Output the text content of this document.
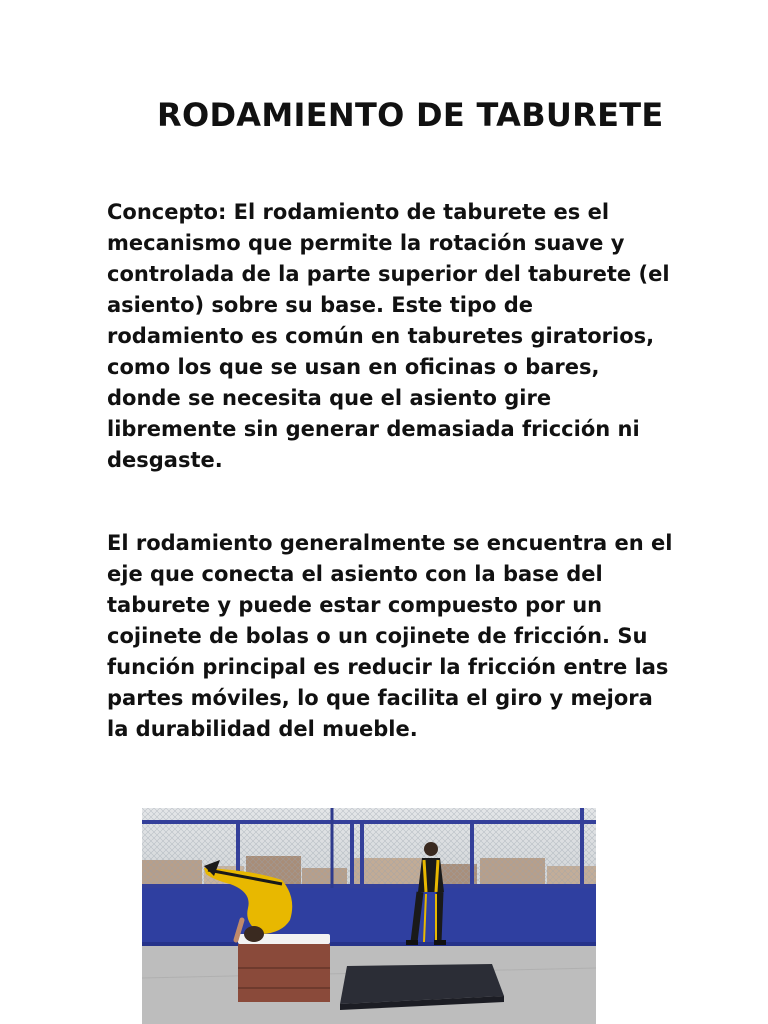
RODAMIENTO DE TABURETE

Concepto: El rodamiento de taburete es el mecanismo que permite la rotación suave y controlada de la parte superior del taburete (el asiento) sobre su base. Este tipo de rodamiento es común en taburetes giratorios, como los que se usan en oficinas o bares, donde se necesita que el asiento gire libremente sin generar demasiada fricción ni desgaste.

El rodamiento generalmente se encuentra en el eje que conecta el asiento con la base del taburete y puede estar compuesto por un cojinete de bolas o un cojinete de fricción. Su función principal es reducir la fricción entre las partes móviles, lo que facilita el giro y mejora la durabilidad del mueble.
